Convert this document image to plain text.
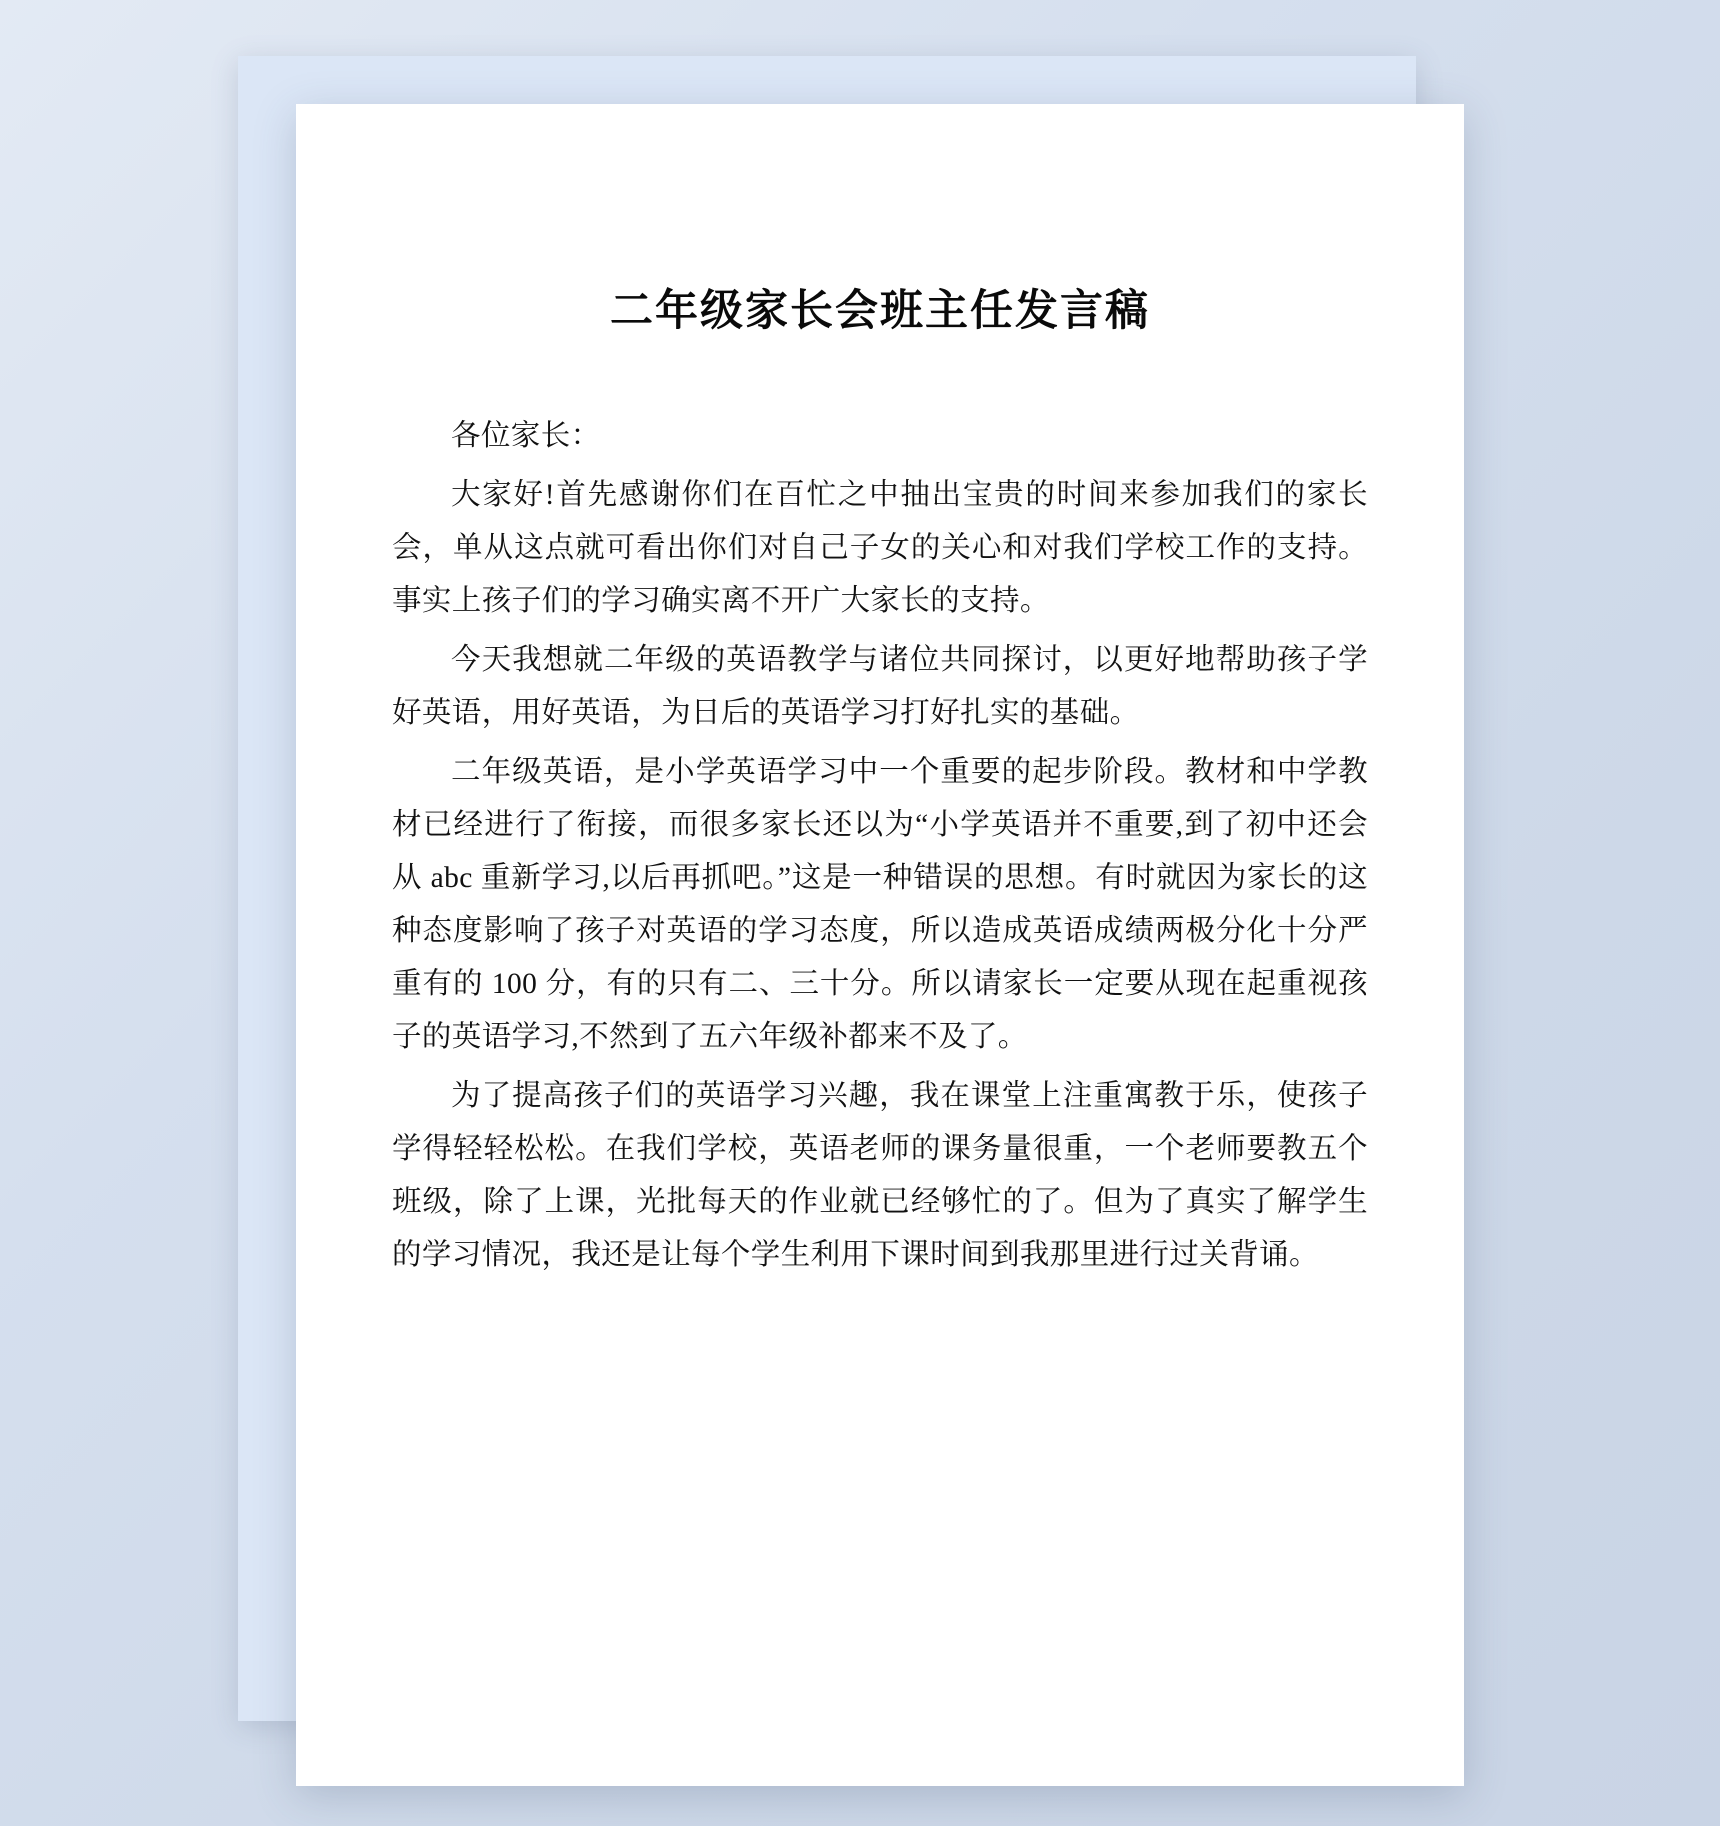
二年级家长会班主任发言稿

各位家长：

大家好!首先感谢你们在百忙之中抽出宝贵的时间来参加我们的家长会，单从这点就可看出你们对自己子女的关心和对我们学校工作的支持。事实上孩子们的学习确实离不开广大家长的支持。

今天我想就二年级的英语教学与诸位共同探讨，以更好地帮助孩子学好英语，用好英语，为日后的英语学习打好扎实的基础。

二年级英语，是小学英语学习中一个重要的起步阶段。教材和中学教材已经进行了衔接，而很多家长还以为“小学英语并不重要,到了初中还会从 abc 重新学习,以后再抓吧。”这是一种错误的思想。有时就因为家长的这种态度影响了孩子对英语的学习态度，所以造成英语成绩两极分化十分严重有的 100 分，有的只有二、三十分。所以请家长一定要从现在起重视孩子的英语学习,不然到了五六年级补都来不及了。

为了提高孩子们的英语学习兴趣，我在课堂上注重寓教于乐，使孩子学得轻轻松松。在我们学校，英语老师的课务量很重，一个老师要教五个班级，除了上课，光批每天的作业就已经够忙的了。但为了真实了解学生的学习情况，我还是让每个学生利用下课时间到我那里进行过关背诵。
